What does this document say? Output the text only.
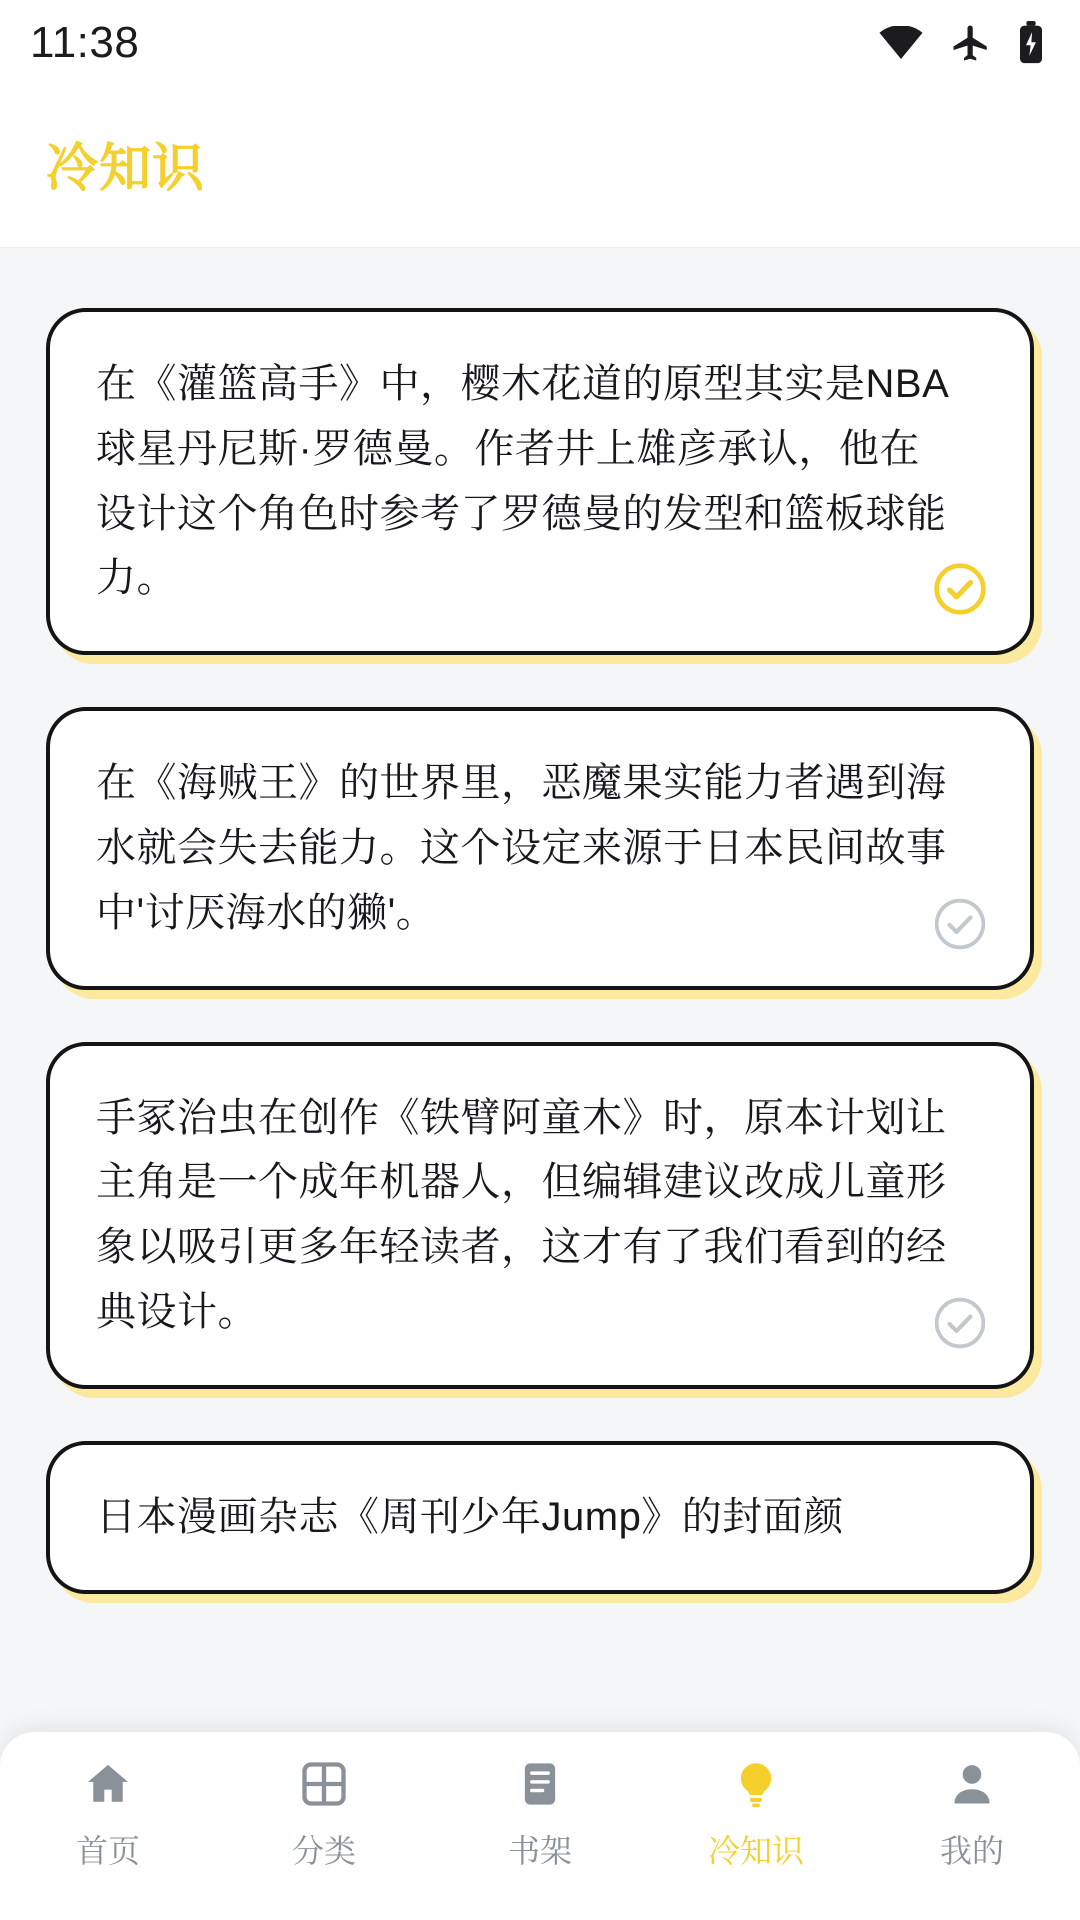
11:38
冷知识
在《灌篮高手》中，樱木花道的原型其实是NBA球星丹尼斯·罗德曼。作者井上雄彦承认，他在设计这个角色时参考了罗德曼的发型和篮板球能力。
在《海贼王》的世界里，恶魔果实能力者遇到海水就会失去能力。这个设定来源于日本民间故事中'讨厌海水的獭'。
手冢治虫在创作《铁臂阿童木》时，原本计划让主角是一个成年机器人，但编辑建议改成儿童形象以吸引更多年轻读者，这才有了我们看到的经典设计。
日本漫画杂志《周刊少年Jump》的封面颜
首页	分类	书架	冷知识	我的
